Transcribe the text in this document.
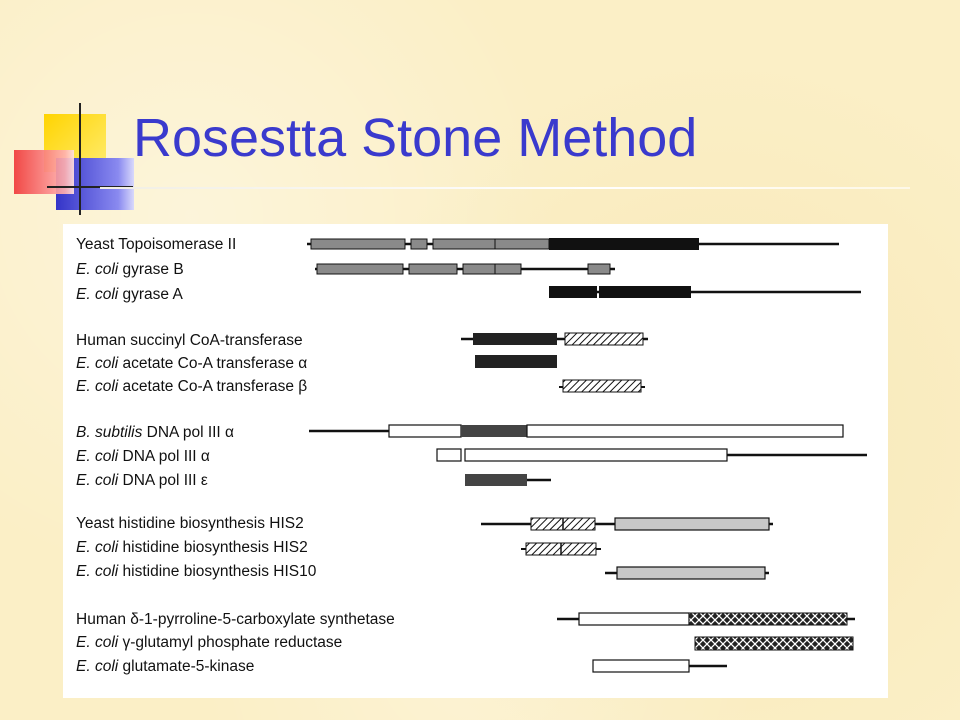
Rosestta Stone Method
Yeast Topoisomerase II
E. coli gyrase B
E. coli gyrase A
Human succinyl CoA-transferase
E. coli acetate Co-A transferase α
E. coli acetate Co-A transferase β
B. subtilis DNA pol III α
E. coli DNA pol III α
E. coli DNA pol III ε
Yeast histidine biosynthesis HIS2
E. coli histidine biosynthesis HIS2
E. coli histidine biosynthesis HIS10
Human δ-1-pyrroline-5-carboxylate synthetase
E. coli γ-glutamyl phosphate reductase
E. coli glutamate-5-kinase
